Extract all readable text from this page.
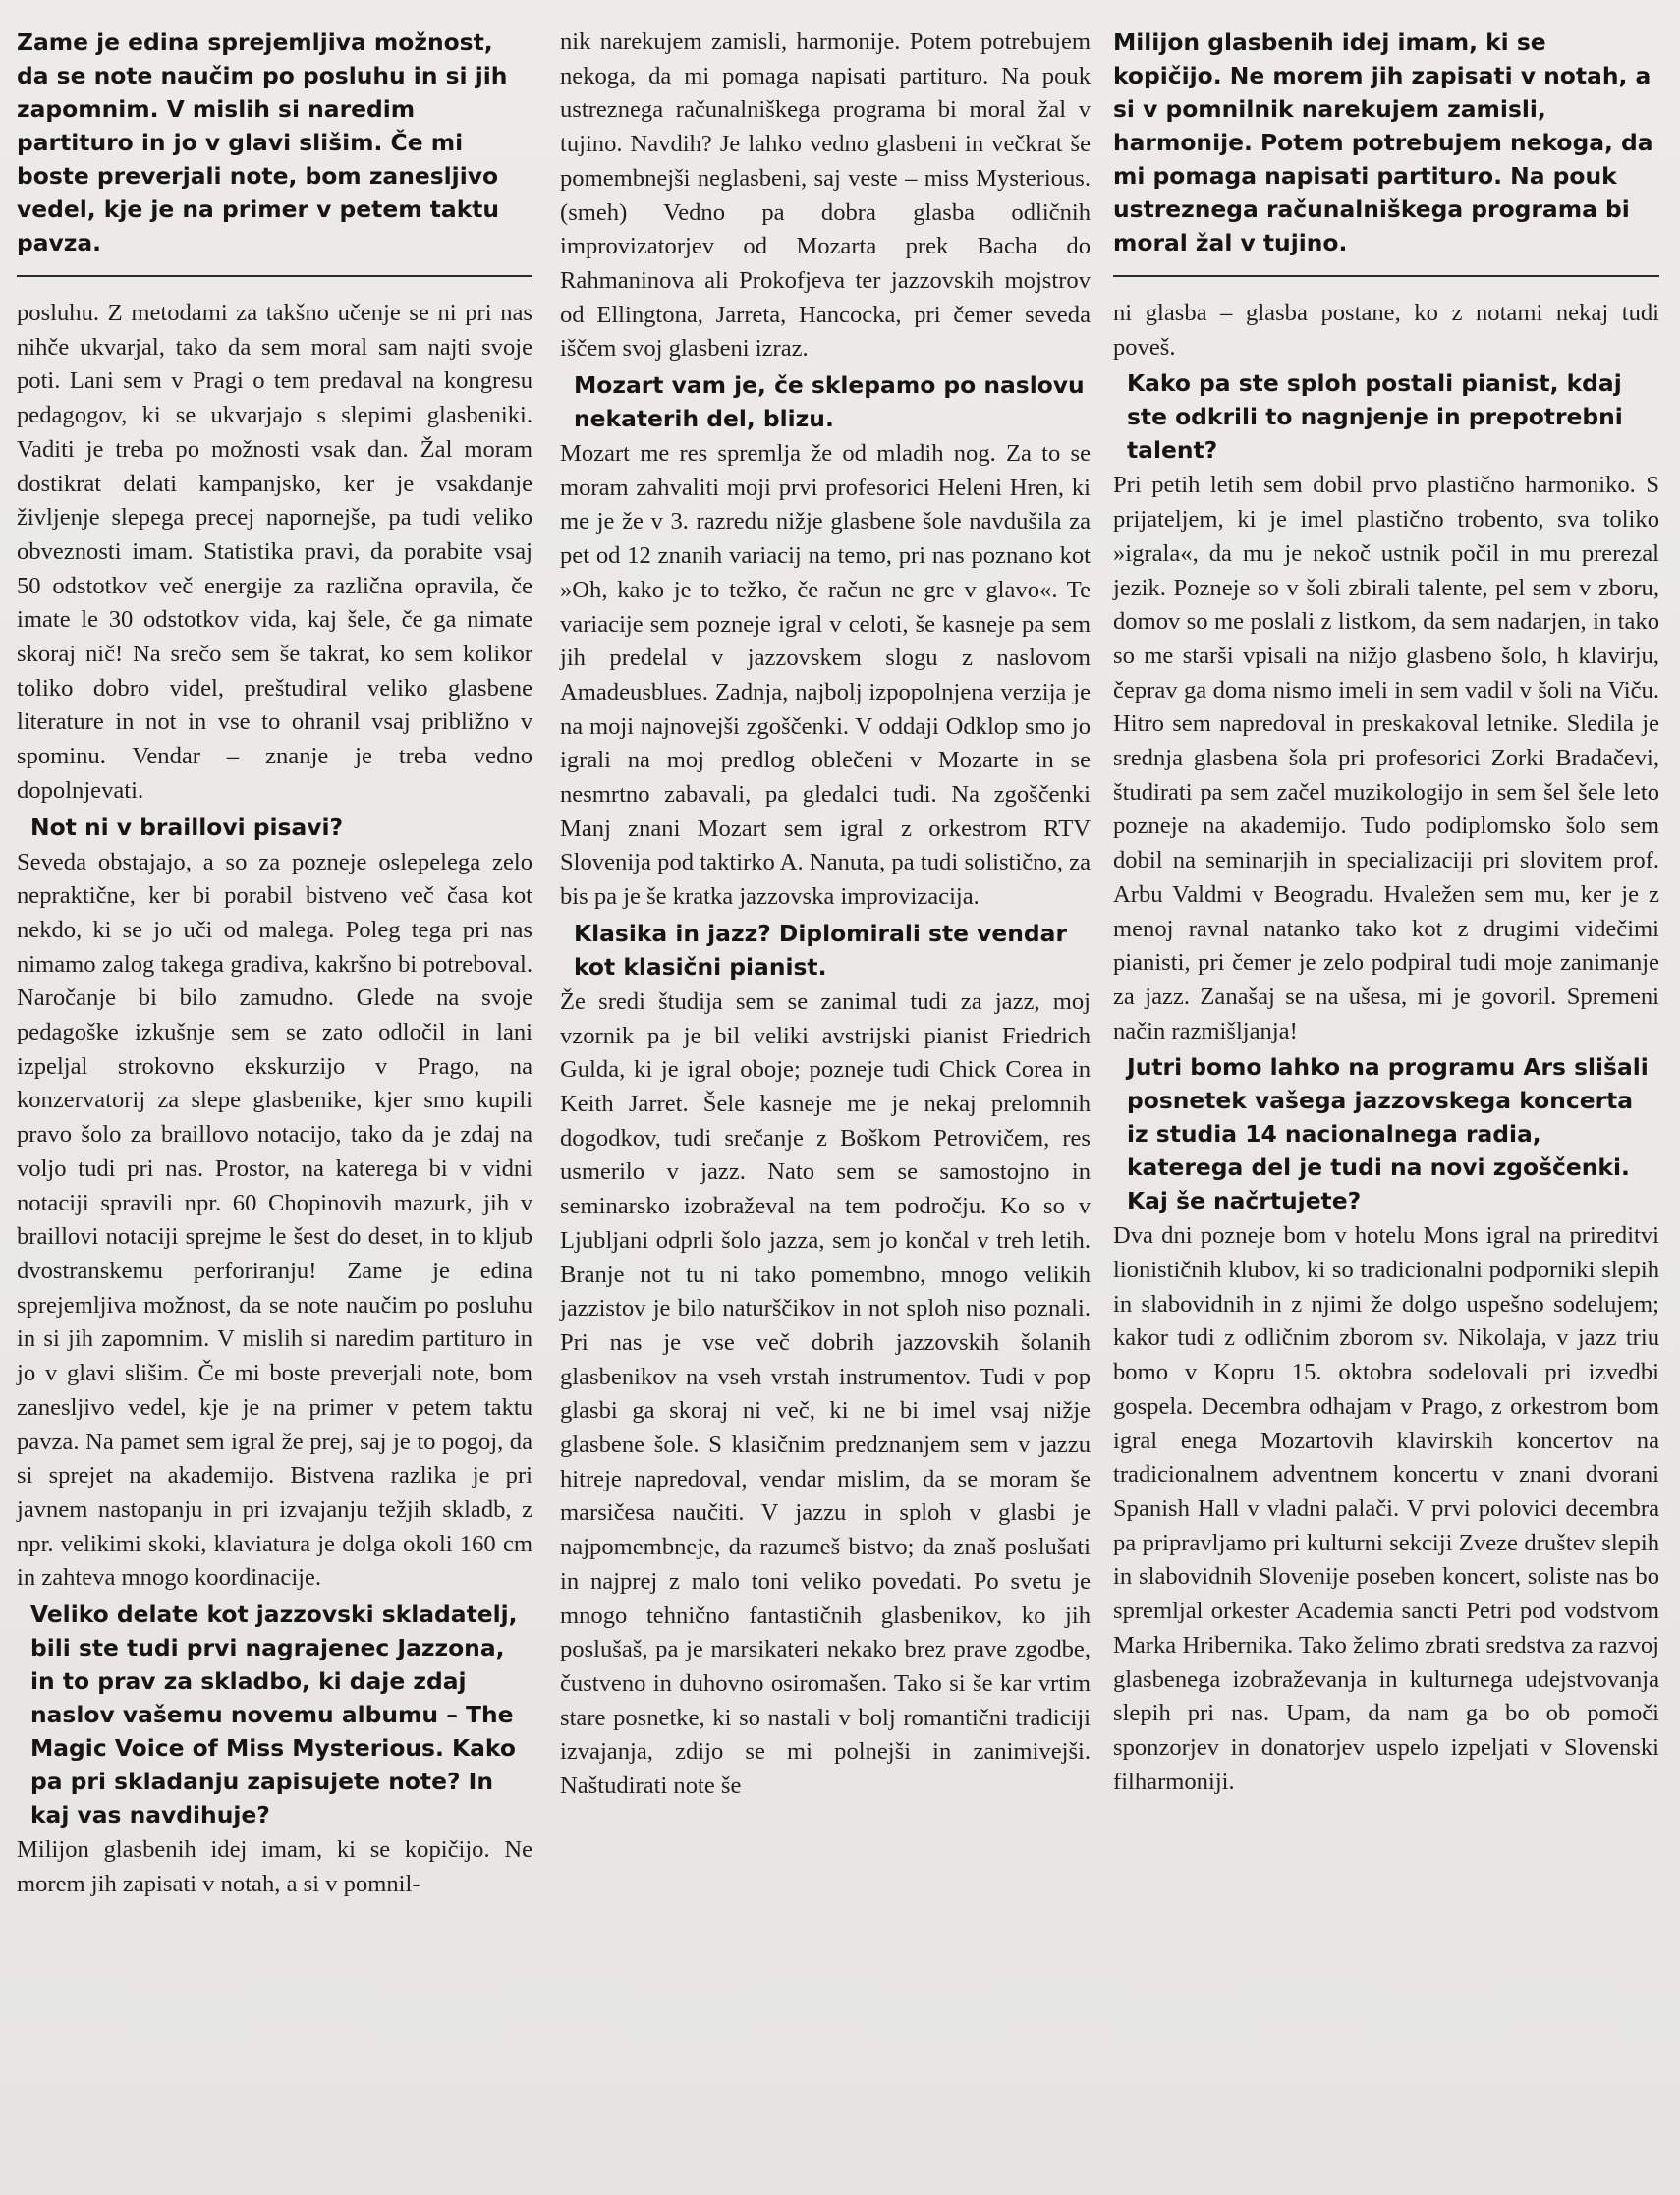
Zame je edina sprejemljiva možnost, da se note naučim po posluhu in si jih zapomnim. V mislih si naredim partituro in jo v glavi slišim. Če mi boste preverjali note, bom zanesljivo vedel, kje je na primer v petem taktu pavza.

posluhu. Z metodami za takšno učenje se ni pri nas nihče ukvarjal, tako da sem moral sam najti svoje poti. Lani sem v Pragi o tem predaval na kongresu pedagogov, ki se ukvarjajo s slepimi glasbeniki. Vaditi je treba po možnosti vsak dan. Žal moram dostikrat delati kampanjsko, ker je vsakdanje življenje slepega precej napornejše, pa tudi veliko obveznosti imam. Statistika pravi, da porabite vsaj 50 odstotkov več energije za različna opravila, če imate le 30 odstotkov vida, kaj šele, če ga nimate skoraj nič! Na srečo sem še takrat, ko sem kolikor toliko dobro videl, preštudiral veliko glasbene literature in not in vse to ohranil vsaj približno v spominu. Vendar – znanje je treba vedno dopolnjevati.

Not ni v braillovi pisavi?

Seveda obstajajo, a so za pozneje oslepelega zelo nepraktične, ker bi porabil bistveno več časa kot nekdo, ki se jo uči od malega. Poleg tega pri nas nimamo zalog takega gradiva, kakršno bi potreboval. Naročanje bi bilo zamudno. Glede na svoje pedagoške izkušnje sem se zato odločil in lani izpeljal strokovno ekskurzijo v Prago, na konzervatorij za slepe glasbenike, kjer smo kupili pravo šolo za braillovo notacijo, tako da je zdaj na voljo tudi pri nas. Prostor, na katerega bi v vidni notaciji spravili npr. 60 Chopinovih mazurk, jih v braillovi notaciji sprejme le šest do deset, in to kljub dvostranskemu perforiranju! Zame je edina sprejemljiva možnost, da se note naučim po posluhu in si jih zapomnim. V mislih si naredim partituro in jo v glavi slišim. Če mi boste preverjali note, bom zanesljivo vedel, kje je na primer v petem taktu pavza. Na pamet sem igral že prej, saj je to pogoj, da si sprejet na akademijo. Bistvena razlika je pri javnem nastopanju in pri izvajanju težjih skladb, z npr. velikimi skoki, klaviatura je dolga okoli 160 cm in zahteva mnogo koordinacije.

Veliko delate kot jazzovski skladatelj, bili ste tudi prvi nagrajenec Jazzona, in to prav za skladbo, ki daje zdaj naslov vašemu novemu albumu – The Magic Voice of Miss Mysterious. Kako pa pri skladanju zapisujete note? In kaj vas navdihuje?

Milijon glasbenih idej imam, ki se kopičijo. Ne morem jih zapisati v notah, a si v pomnil-

nik narekujem zamisli, harmonije. Potem potrebujem nekoga, da mi pomaga napisati partituro. Na pouk ustreznega računalniškega programa bi moral žal v tujino. Navdih? Je lahko vedno glasbeni in večkrat še pomembnejši neglasbeni, saj veste – miss Mysterious. (smeh) Vedno pa dobra glasba odličnih improvizatorjev od Mozarta prek Bacha do Rahmaninova ali Prokofjeva ter jazzovskih mojstrov od Ellingtona, Jarreta, Hancocka, pri čemer seveda iščem svoj glasbeni izraz.

Mozart vam je, če sklepamo po naslovu nekaterih del, blizu.

Mozart me res spremlja že od mladih nog. Za to se moram zahvaliti moji prvi profesorici Heleni Hren, ki me je že v 3. razredu nižje glasbene šole navdušila za pet od 12 znanih variacij na temo, pri nas poznano kot »Oh, kako je to težko, če račun ne gre v glavo«. Te variacije sem pozneje igral v celoti, še kasneje pa sem jih predelal v jazzovskem slogu z naslovom Amadeusblues. Zadnja, najbolj izpopolnjena verzija je na moji najnovejši zgoščenki. V oddaji Odklop smo jo igrali na moj predlog oblečeni v Mozarte in se nesmrtno zabavali, pa gledalci tudi. Na zgoščenki Manj znani Mozart sem igral z orkestrom RTV Slovenija pod taktirko A. Nanuta, pa tudi solistično, za bis pa je še kratka jazzovska improvizacija.

Klasika in jazz? Diplomirali ste vendar kot klasični pianist.

Že sredi študija sem se zanimal tudi za jazz, moj vzornik pa je bil veliki avstrijski pianist Friedrich Gulda, ki je igral oboje; pozneje tudi Chick Corea in Keith Jarret. Šele kasneje me je nekaj prelomnih dogodkov, tudi srečanje z Boškom Petrovičem, res usmerilo v jazz. Nato sem se samostojno in seminarsko izobraževal na tem področju. Ko so v Ljubljani odprli šolo jazza, sem jo končal v treh letih. Branje not tu ni tako pomembno, mnogo velikih jazzistov je bilo naturščikov in not sploh niso poznali. Pri nas je vse več dobrih jazzovskih šolanih glasbenikov na vseh vrstah instrumentov. Tudi v pop glasbi ga skoraj ni več, ki ne bi imel vsaj nižje glasbene šole. S klasičnim predznanjem sem v jazzu hitreje napredoval, vendar mislim, da se moram še marsičesa naučiti. V jazzu in sploh v glasbi je najpomembneje, da razumeš bistvo; da znaš poslušati in najprej z malo toni veliko povedati. Po svetu je mnogo tehnično fantastičnih glasbenikov, ko jih poslušaš, pa je marsikateri nekako brez prave zgodbe, čustveno in duhovno osiromašen. Tako si še kar vrtim stare posnetke, ki so nastali v bolj romantični tradiciji izvajanja, zdijo se mi polnejši in zanimivejši. Naštudirati note še

Milijon glasbenih idej imam, ki se kopičijo. Ne morem jih zapisati v notah, a si v pomnilnik narekujem zamisli, harmonije. Potem potrebujem nekoga, da mi pomaga napisati partituro. Na pouk ustreznega računalniškega programa bi moral žal v tujino.

ni glasba – glasba postane, ko z notami nekaj tudi poveš.

Kako pa ste sploh postali pianist, kdaj ste odkrili to nagnjenje in prepotrebni talent?

Pri petih letih sem dobil prvo plastično harmoniko. S prijateljem, ki je imel plastično trobento, sva toliko »igrala«, da mu je nekoč ustnik počil in mu prerezal jezik. Pozneje so v šoli zbirali talente, pel sem v zboru, domov so me poslali z listkom, da sem nadarjen, in tako so me starši vpisali na nižjo glasbeno šolo, h klavirju, čeprav ga doma nismo imeli in sem vadil v šoli na Viču. Hitro sem napredoval in preskakoval letnike. Sledila je srednja glasbena šola pri profesorici Zorki Bradačevi, študirati pa sem začel muzikologijo in sem šel šele leto pozneje na akademijo. Tudo podiplomsko šolo sem dobil na seminarjih in specializaciji pri slovitem prof. Arbu Valdmi v Beogradu. Hvaležen sem mu, ker je z menoj ravnal natanko tako kot z drugimi videčimi pianisti, pri čemer je zelo podpiral tudi moje zanimanje za jazz. Zanašaj se na ušesa, mi je govoril. Spremeni način razmišljanja!

Jutri bomo lahko na programu Ars slišali posnetek vašega jazzovskega koncerta iz studia 14 nacionalnega radia, katerega del je tudi na novi zgoščenki. Kaj še načrtujete?

Dva dni pozneje bom v hotelu Mons igral na prireditvi lionističnih klubov, ki so tradicionalni podporniki slepih in slabovidnih in z njimi že dolgo uspešno sodelujem; kakor tudi z odličnim zborom sv. Nikolaja, v jazz triu bomo v Kopru 15. oktobra sodelovali pri izvedbi gospela. Decembra odhajam v Prago, z orkestrom bom igral enega Mozartovih klavirskih koncertov na tradicionalnem adventnem koncertu v znani dvorani Spanish Hall v vladni palači. V prvi polovici decembra pa pripravljamo pri kulturni sekciji Zveze društev slepih in slabovidnih Slovenije poseben koncert, soliste nas bo spremljal orkester Academia sancti Petri pod vodstvom Marka Hribernika. Tako želimo zbrati sredstva za razvoj glasbenega izobraževanja in kulturnega udejstvovanja slepih pri nas. Upam, da nam ga bo ob pomoči sponzorjev in donatorjev uspelo izpeljati v Slovenski filharmoniji.
